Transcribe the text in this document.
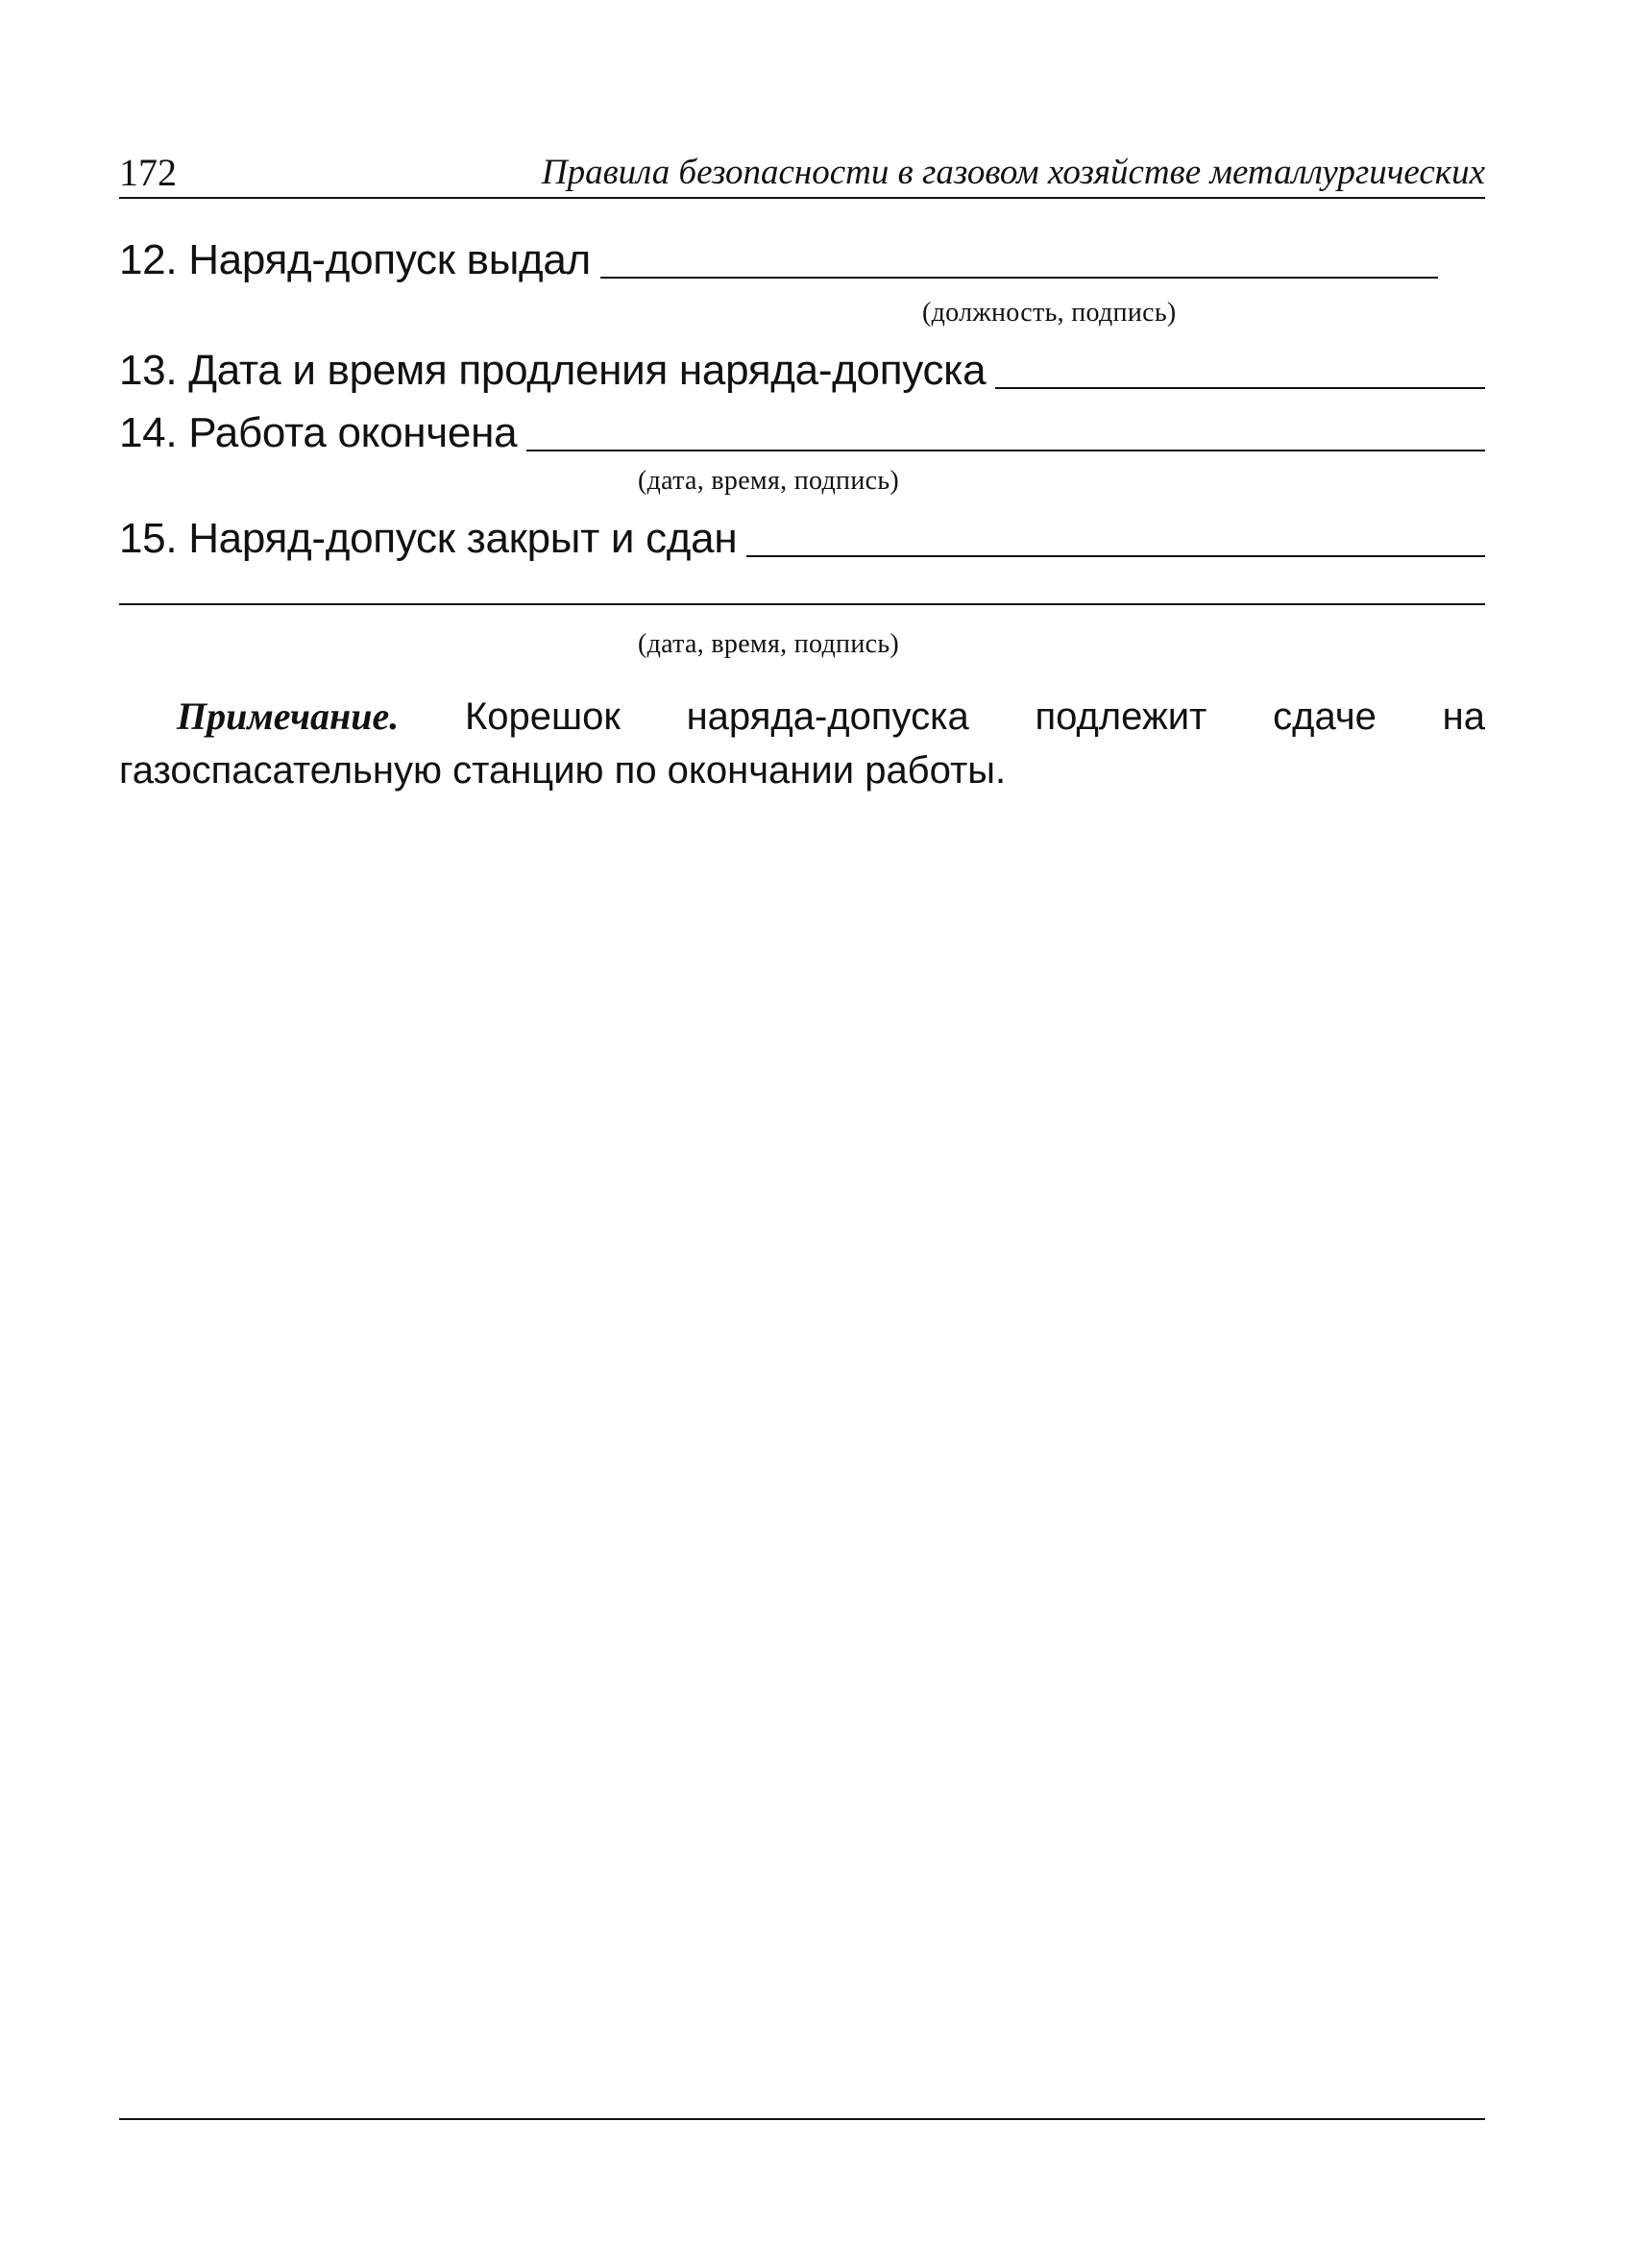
172	Правила безопасности в газовом хозяйстве металлургических
12. Наряд-допуск выдал
(должность, подпись)
13. Дата и время продления наряда-допуска
14. Работа окончена
(дата, время, подпись)
15. Наряд-допуск закрыт и сдан
(дата, время, подпись)
Примечание. Корешок наряда-допуска подлежит сдаче на газоспасательную станцию по окончании работы.
